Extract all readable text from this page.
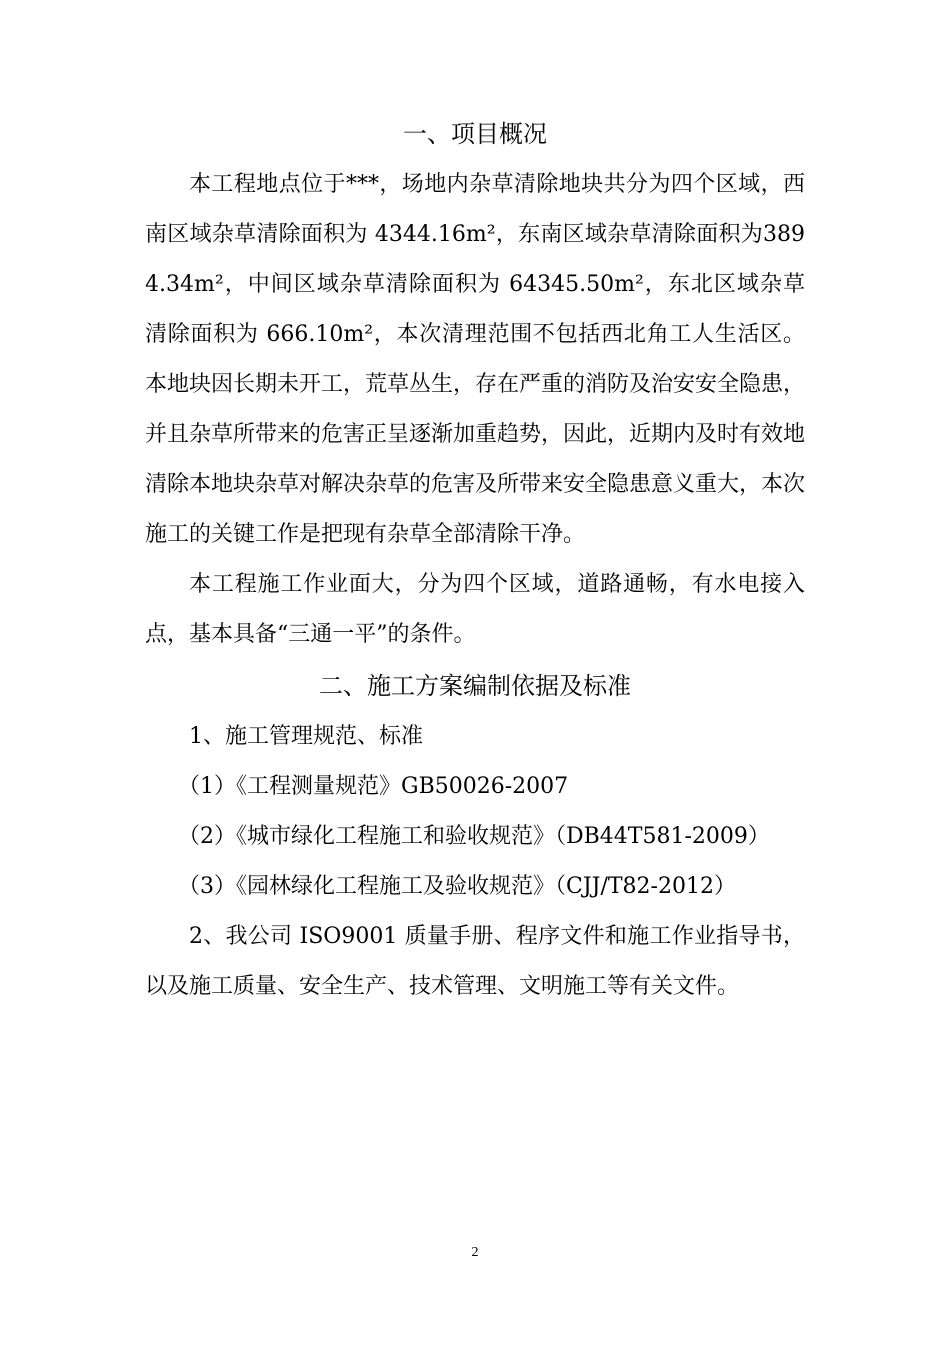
一、项目概况

本工程地点位于***，场地内杂草清除地块共分为四个区域，西南区域杂草清除面积为 4344.16m²，东南区域杂草清除面积为3894.34m²，中间区域杂草清除面积为 64345.50m²，东北区域杂草清除面积为 666.10m²，本次清理范围不包括西北角工人生活区。本地块因长期未开工，荒草丛生，存在严重的消防及治安安全隐患，并且杂草所带来的危害正呈逐渐加重趋势，因此，近期内及时有效地清除本地块杂草对解决杂草的危害及所带来安全隐患意义重大，本次施工的关键工作是把现有杂草全部清除干净。

本工程施工作业面大，分为四个区域，道路通畅，有水电接入点，基本具备“三通一平”的条件。

二、施工方案编制依据及标准

1、施工管理规范、标准

（1）《工程测量规范》GB50026-2007

（2）《城市绿化工程施工和验收规范》（DB44T581-2009）

（3）《园林绿化工程施工及验收规范》（CJJ/T82-2012）

2、我公司 ISO9001 质量手册、程序文件和施工作业指导书，以及施工质量、安全生产、技术管理、文明施工等有关文件。

2
